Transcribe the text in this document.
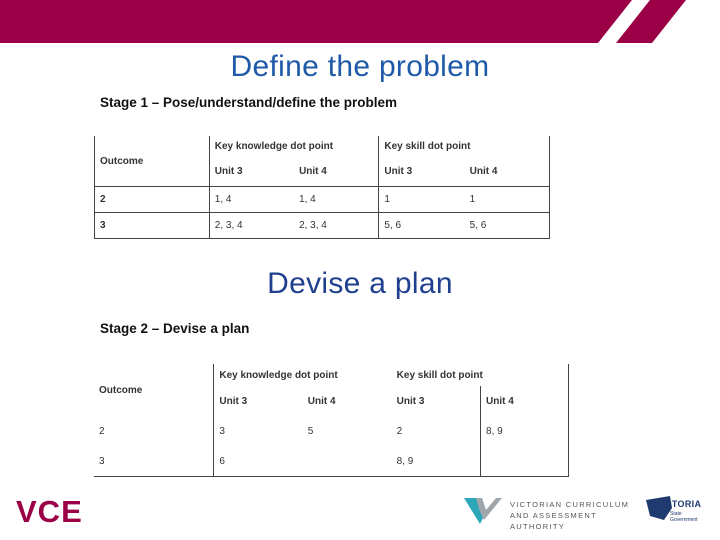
Define the problem
Stage 1 – Pose/understand/define the problem
Outcome	Key knowledge dot point		Key skill dot point	
	Unit 3	Unit 4	Unit 3	Unit 4
2	1, 4	1, 4	1	1
3	2, 3, 4	2, 3, 4	5, 6	5, 6
Devise a plan
Stage 2 – Devise a plan
Outcome	Key knowledge dot point		Key skill dot point	
	Unit 3	Unit 4	Unit 3	Unit 4
2	3	5	2	8, 9
3	6		8, 9	
VCE	VICTORIAN CURRICULUM
AND ASSESSMENT AUTHORITY
VICTORIA
State
Government
